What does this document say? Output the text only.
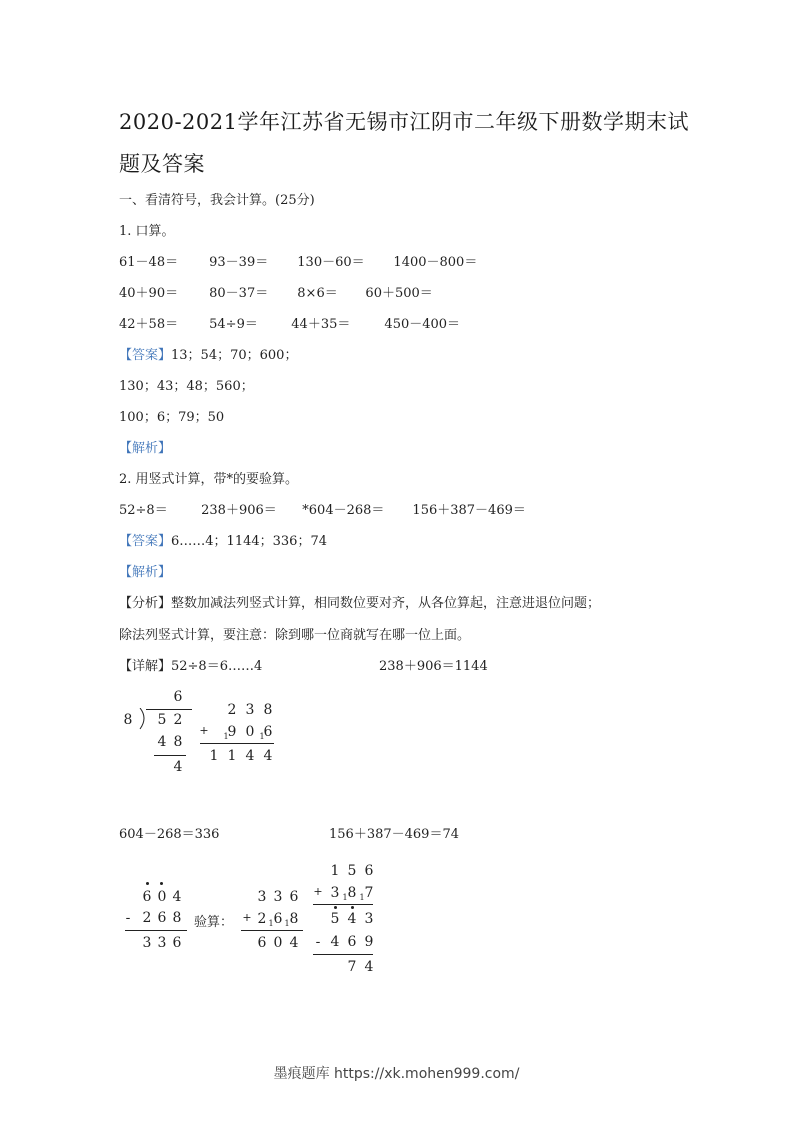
2020-2021学年江苏省无锡市江阴市二年级下册数学期末试
题及答案
一、看清符号，我会计算。(25分)
1. 口算。
61－48＝ 93－39＝ 130－60＝ 1400－800＝
40＋90＝ 80－37＝ 8×6＝ 60＋500＝
42＋58＝ 54÷9＝	44＋35＝	450－400＝
【答案】13；54；70；600；
130；43；48；560；
100；6；79；50
【解析】
2. 用竖式计算，带*的要验算。
52÷8＝	238＋906＝ *604－268＝ 156＋387－469＝
【答案】6……4；1144；336；74
【解析】
【分析】整数加减法列竖式计算，相同数位要对齐，从各位算起，注意进退位问题；
除法列竖式计算，要注意：除到哪一位商就写在哪一位上面。
【详解】52÷8＝6……4	238＋906＝1144
6
8 5 2
4 8
4
2 3 8
+ 9 0 6
1	1
1 1 4 4
604－268＝336	156＋387－469＝74
6 0 4
- 2 6 8
3 3 6
验算：
3 3 6
+ 2 6 8
1	1
6 0 4
1 5 6
+ 3 8 7
1	1
5 4 3
- 4 6 9
7 4
墨痕题库 https://xk.mohen999.com/
